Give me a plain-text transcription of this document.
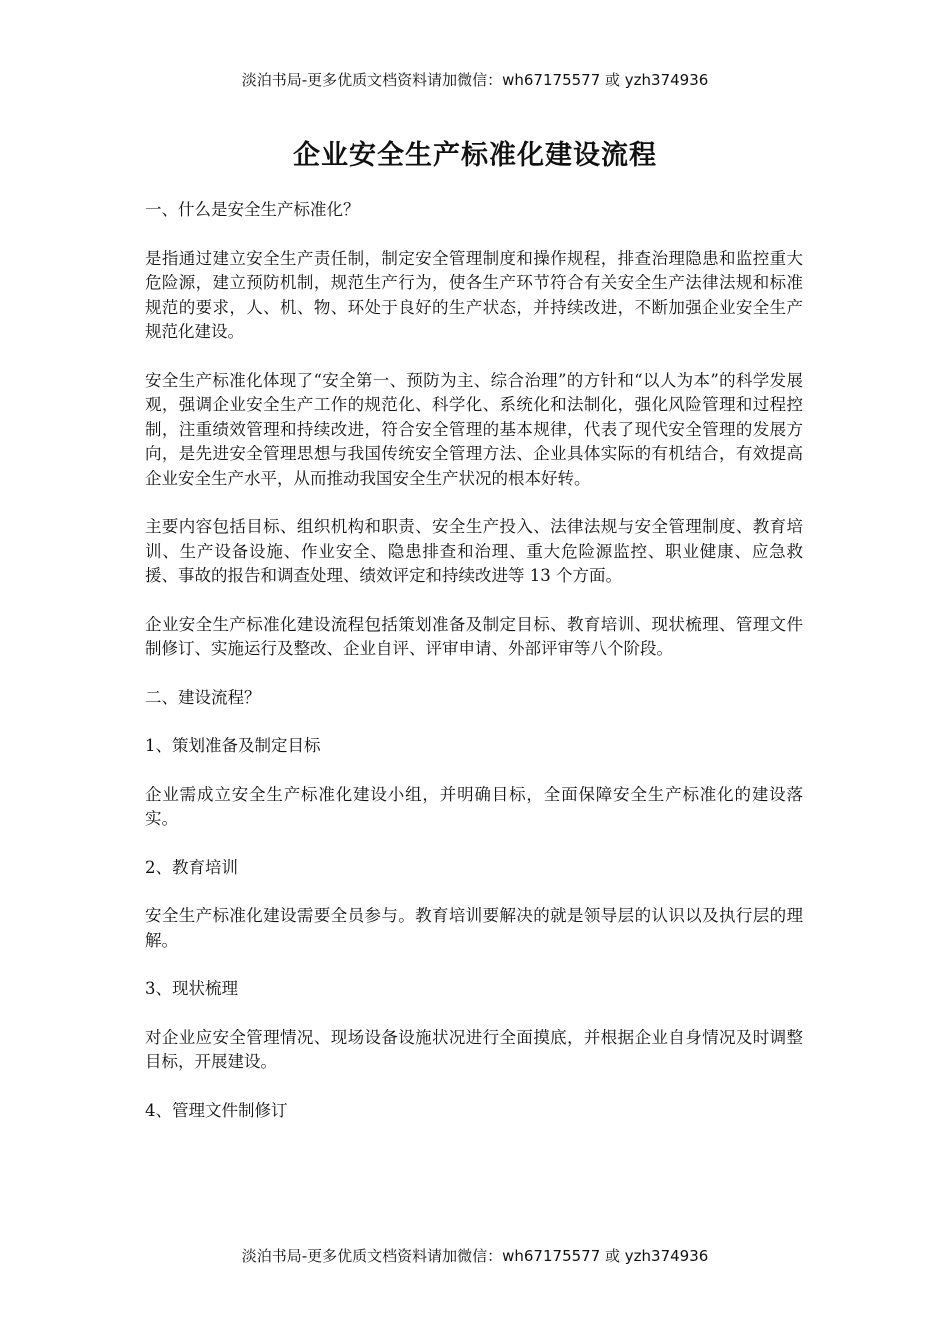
淡泊书局-更多优质文档资料请加微信：wh67175577 或 yzh374936
企业安全生产标准化建设流程

一、什么是安全生产标准化？

是指通过建立安全生产责任制，制定安全管理制度和操作规程，排查治理隐患和监控重大危险源，建立预防机制，规范生产行为，使各生产环节符合有关安全生产法律法规和标准规范的要求，人、机、物、环处于良好的生产状态，并持续改进，不断加强企业安全生产规范化建设。

安全生产标准化体现了“安全第一、预防为主、综合治理”的方针和“以人为本”的科学发展观，强调企业安全生产工作的规范化、科学化、系统化和法制化，强化风险管理和过程控制，注重绩效管理和持续改进，符合安全管理的基本规律，代表了现代安全管理的发展方向，是先进安全管理思想与我国传统安全管理方法、企业具体实际的有机结合，有效提高企业安全生产水平，从而推动我国安全生产状况的根本好转。

主要内容包括目标、组织机构和职责、安全生产投入、法律法规与安全管理制度、教育培训、生产设备设施、作业安全、隐患排查和治理、重大危险源监控、职业健康、应急救援、事故的报告和调查处理、绩效评定和持续改进等 13 个方面。

企业安全生产标准化建设流程包括策划准备及制定目标、教育培训、现状梳理、管理文件制修订、实施运行及整改、企业自评、评审申请、外部评审等八个阶段。

二、建设流程？

1、策划准备及制定目标

企业需成立安全生产标准化建设小组，并明确目标，全面保障安全生产标准化的建设落实。

2、教育培训

安全生产标准化建设需要全员参与。教育培训要解决的就是领导层的认识以及执行层的理解。

3、现状梳理

对企业应安全管理情况、现场设备设施状况进行全面摸底，并根据企业自身情况及时调整目标，开展建设。

4、管理文件制修订

淡泊书局-更多优质文档资料请加微信：wh67175577 或 yzh374936
